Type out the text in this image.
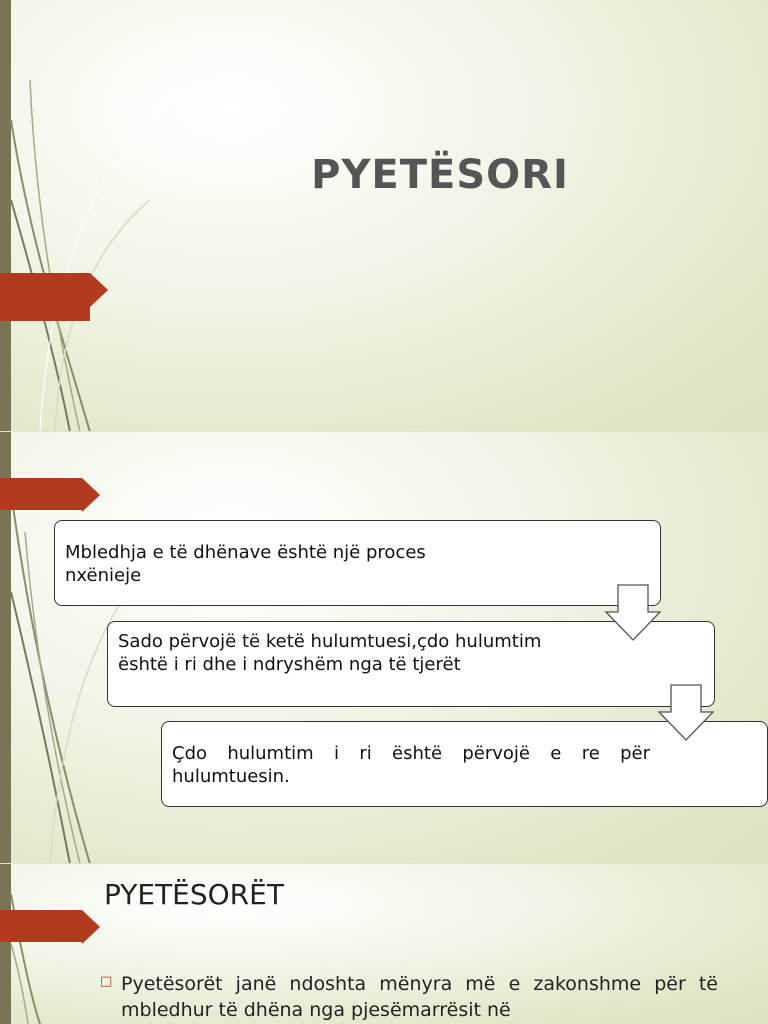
PYETËSORI
Mbledhja e të dhënave është një proces nxënieje
Sado përvojë të ketë hulumtuesi,çdo hulumtim është i ri dhe i ndryshëm nga të tjerët
Çdo hulumtim i ri është përvojë e re për hulumtuesin.
PYETËSORËT
□ Pyetësorët janë ndoshta mënyra më e zakonshme për të mbledhur të dhëna nga pjesëmarrësit në
